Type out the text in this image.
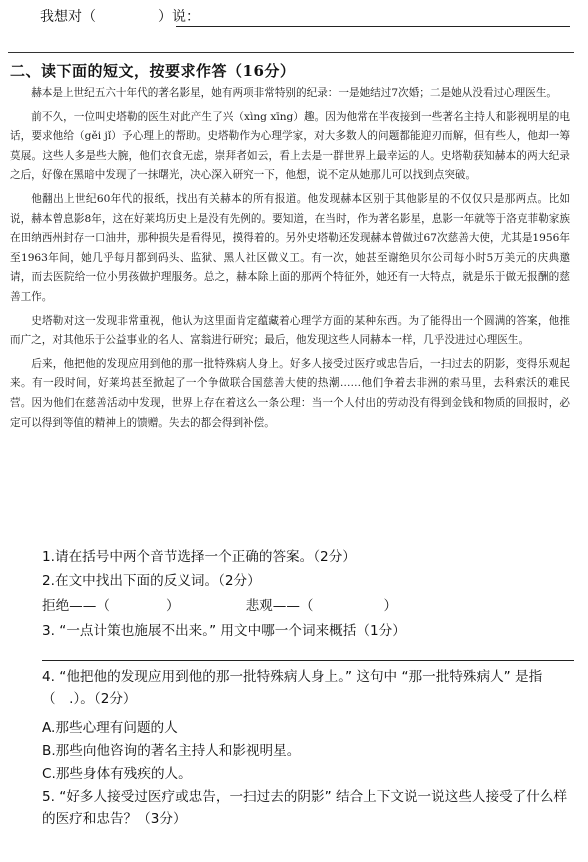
我想对（	）说：
二、读下面的短文，按要求作答（16分）

赫本是上世纪五六十年代的著名影星，她有两项非常特别的纪录：一是她结过7次婚；二是她从没看过心理医生。

前不久，一位叫史塔勒的医生对此产生了兴（xìng xīng）趣。因为他常在半夜接到一些著名主持人和影视明星的电话，要求他给（gěi jǐ）予心理上的帮助。史塔勒作为心理学家，对大多数人的问题都能迎刃而解，但有些人，他却一筹莫展。这些人多是些大腕，他们衣食无虑，崇拜者如云，看上去是一群世界上最幸运的人。史塔勒获知赫本的两大纪录之后，好像在黑暗中发现了一抹曙光，决心深入研究一下，他想，说不定从她那儿可以找到点突破。

他翻出上世纪60年代的报纸，找出有关赫本的所有报道。他发现赫本区别于其他影星的不仅仅只是那两点。比如说，赫本曾息影8年，这在好莱坞历史上是没有先例的。要知道，在当时，作为著名影星，息影一年就等于洛克菲勒家族在田纳西州封存一口油井，那种损失是看得见，摸得着的。另外史塔勒还发现赫本曾做过67次慈善大使，尤其是1956年至1963年间，她几乎每月都到码头、监狱、黑人社区做义工。有一次，她甚至谢绝贝尔公司每小时5万美元的庆典邀请，而去医院给一位小男孩做护理服务。总之，赫本除上面的那两个特征外，她还有一大特点，就是乐于做无报酬的慈善工作。

史塔勒对这一发现非常重视，他认为这里面肯定蕴藏着心理学方面的某种东西。为了能得出一个圆满的答案，他推而广之，对其他乐于公益事业的名人、富翁进行研究；最后，他发现这些人同赫本一样，几乎没进过心理医生。

后来，他把他的发现应用到他的那一批特殊病人身上。好多人接受过医疗或忠告后，一扫过去的阴影，变得乐观起来。有一段时间，好莱坞甚至掀起了一个争做联合国慈善大使的热潮……他们争着去非洲的索马里，去科索沃的难民营。因为他们在慈善活动中发现，世界上存在着这么一条公理：当一个人付出的劳动没有得到金钱和物质的回报时，必定可以得到等值的精神上的馈赠。失去的都会得到补偿。

1.请在括号中两个音节选择一个正确的答案。（2分）
2.在文中找出下面的反义词。（2分）
拒绝——（	）	悲观——（	）
3. “一点计策也施展不出来。” 用文中哪一个词来概括（1分）
4. “他把他的发现应用到他的那一批特殊病人身上。” 这句中 “那一批特殊病人” 是指（　.）。（2分）
A.那些心理有问题的人
B.那些向他咨询的著名主持人和影视明星。
C.那些身体有残疾的人。
5. “好多人接受过医疗或忠告，一扫过去的阴影” 结合上下文说一说这些人接受了什么样的医疗和忠告？（3分）
